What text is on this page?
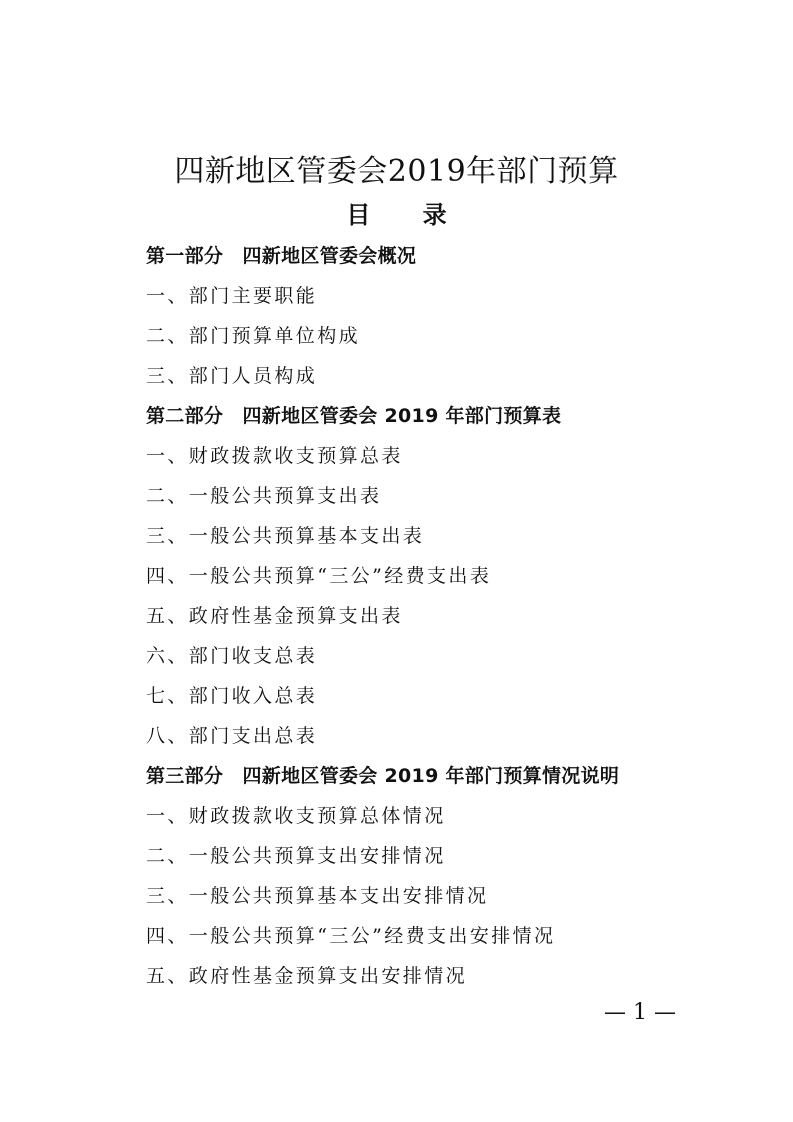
四新地区管委会2019年部门预算
目 录
第一部分　四新地区管委会概况
一、部门主要职能
二、部门预算单位构成
三、部门人员构成
第二部分　四新地区管委会 2019 年部门预算表
一、财政拨款收支预算总表
二、一般公共预算支出表
三、一般公共预算基本支出表
四、一般公共预算“三公”经费支出表
五、政府性基金预算支出表
六、部门收支总表
七、部门收入总表
八、部门支出总表
第三部分　四新地区管委会 2019 年部门预算情况说明
一、财政拨款收支预算总体情况
二、一般公共预算支出安排情况
三、一般公共预算基本支出安排情况
四、一般公共预算“三公”经费支出安排情况
五、政府性基金预算支出安排情况
— 1 —
